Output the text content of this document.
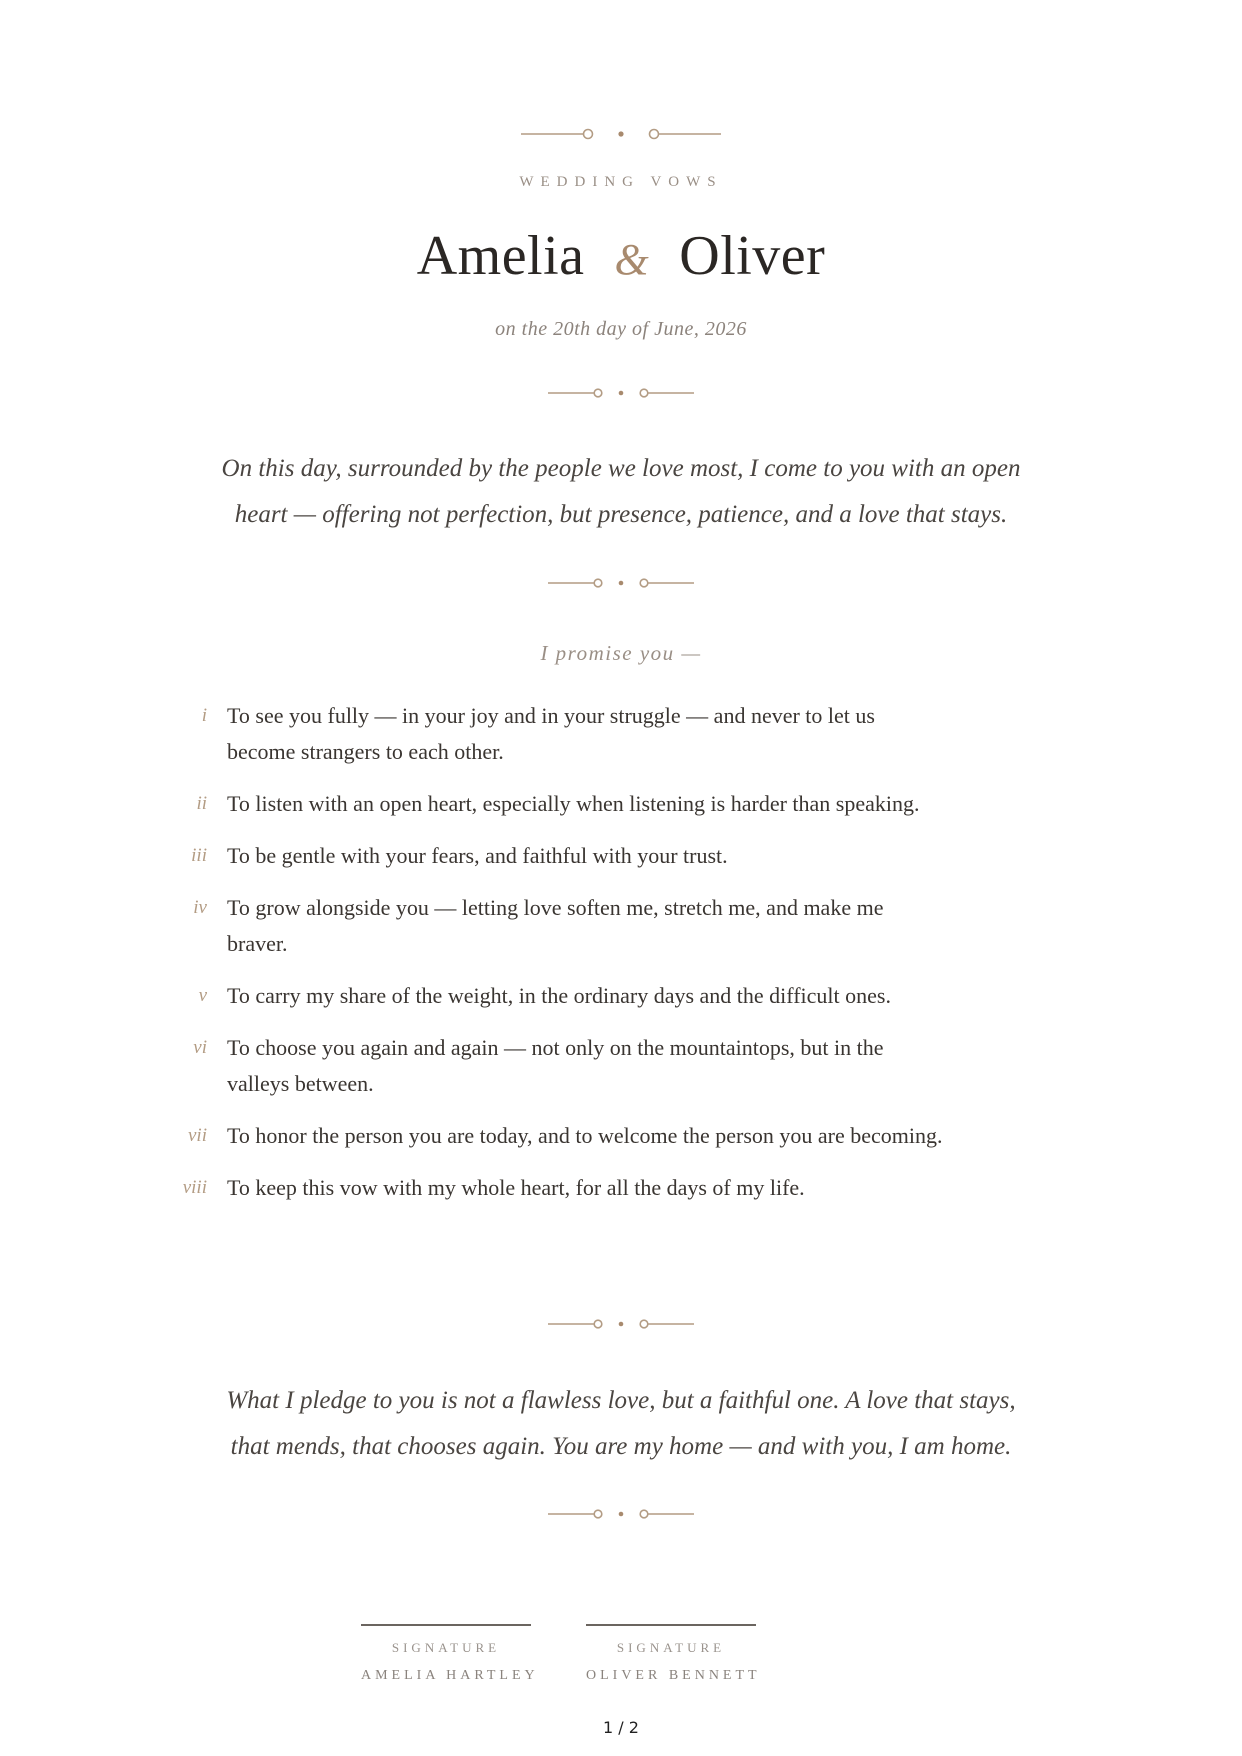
WEDDING VOWS
Amelia & Oliver
on the 20th day of June, 2026
On this day, surrounded by the people we love most, I come to you with an open
heart — offering not perfection, but presence, patience, and a love that stays.
I promise you —
i To see you fully — in your joy and in your struggle — and never to let us become strangers to each other.
ii To listen with an open heart, especially when listening is harder than speaking.
iii To be gentle with your fears, and faithful with your trust.
iv To grow alongside you — letting love soften me, stretch me, and make me braver.
v To carry my share of the weight, in the ordinary days and the difficult ones.
vi To choose you again and again — not only on the mountaintops, but in the valleys between.
vii To honor the person you are today, and to welcome the person you are becoming.
viii To keep this vow with my whole heart, for all the days of my life.
What I pledge to you is not a flawless love, but a faithful one. A love that stays,
that mends, that chooses again. You are my home — and with you, I am home.
SIGNATURE
AMELIA HARTLEY
SIGNATURE
OLIVER BENNETT
1 / 2
